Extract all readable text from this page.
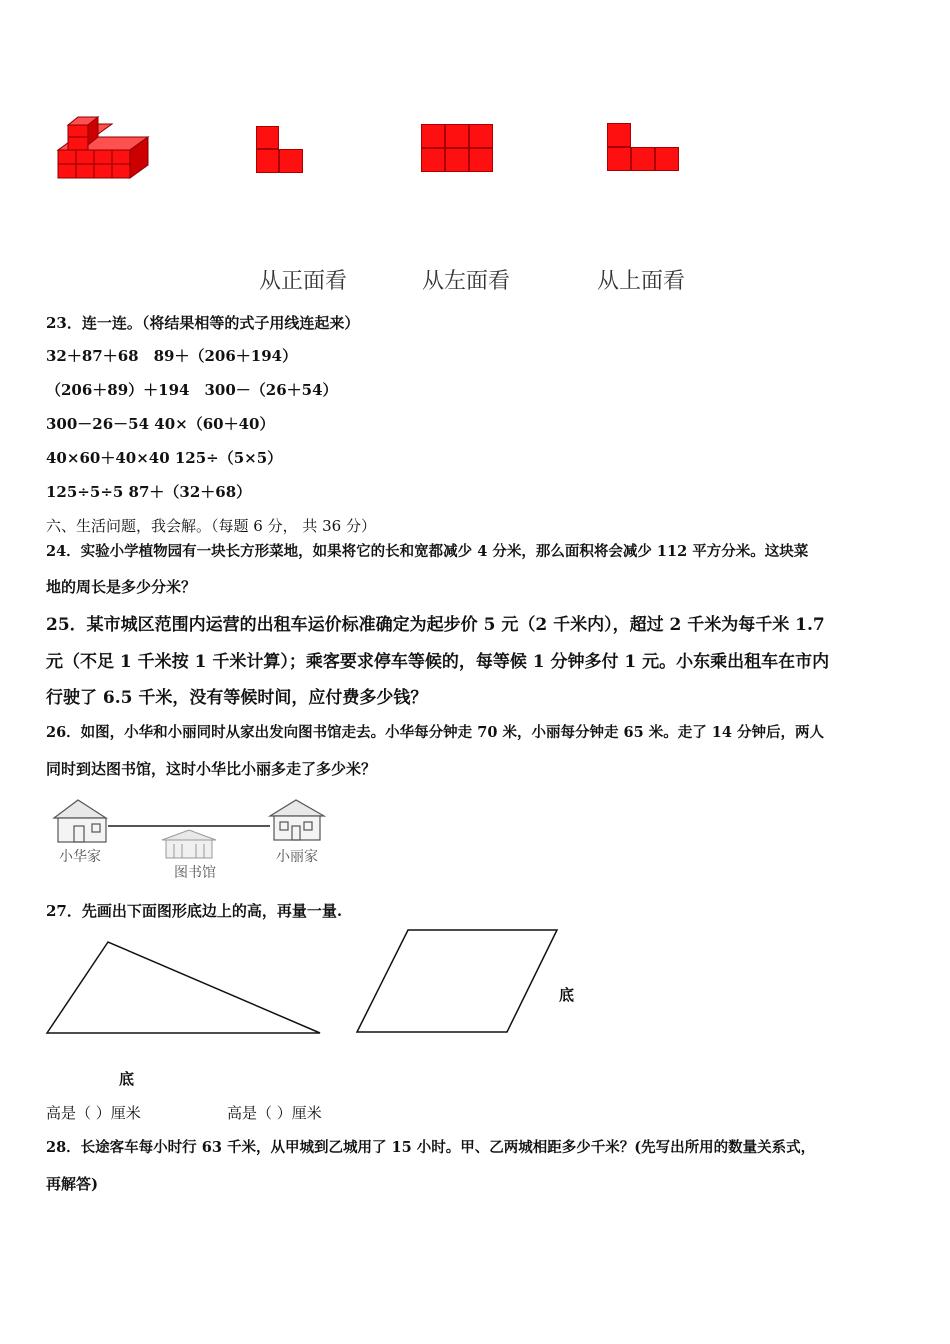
从正面看	从左面看	从上面看
23．连一连。（将结果相等的式子用线连起来）
32＋87＋68　89＋（206＋194）
（206＋89）＋194　300－（26＋54）
300－26－54 40×（60＋40）
40×60＋40×40 125÷（5×5）
125÷5÷5 87＋（32＋68）
六、生活问题，我会解。（每题 6 分， 共 36 分）
24．实验小学植物园有一块长方形菜地，如果将它的长和宽都减少 4 分米，那么面积将会减少 112 平方分米。这块菜
地的周长是多少分米？
25．某市城区范围内运营的出租车运价标准确定为起步价 5 元（2 千米内），超过 2 千米为每千米 1.7
元（不足 1 千米按 1 千米计算）；乘客要求停车等候的，每等候 1 分钟多付 1 元。小东乘出租车在市内
行驶了 6.5 千米，没有等候时间，应付费多少钱？
26．如图，小华和小丽同时从家出发向图书馆走去。小华每分钟走 70 米，小丽每分钟走 65 米。走了 14 分钟后，两人
同时到达图书馆，这时小华比小丽多走了多少米？
小华家
图书馆
小丽家
27．先画出下面图形底边上的高，再量一量.
底
底
高是（ ）厘米	高是（ ）厘米
28．长途客车每小时行 63 千米，从甲城到乙城用了 15 小时。甲、乙两城相距多少千米？(先写出所用的数量关系式，
再解答)
